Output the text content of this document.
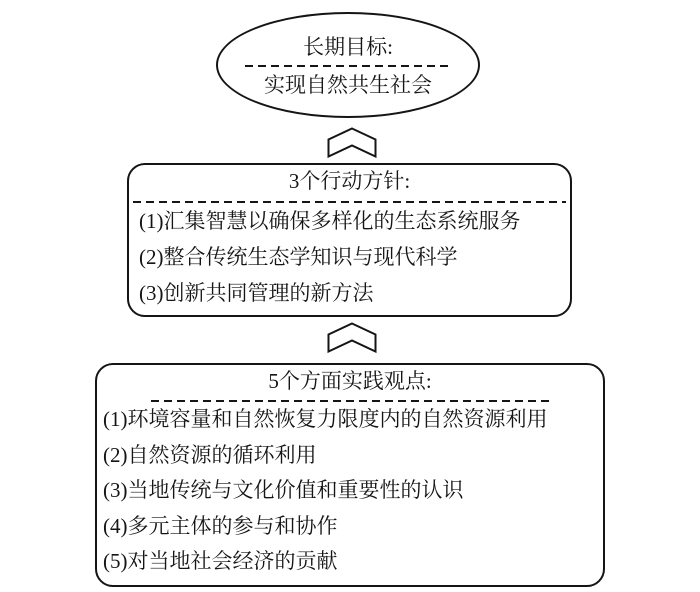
长期目标:
实现自然共生社会
3个行动方针:
(1)汇集智慧以确保多样化的生态系统服务
(2)整合传统生态学知识与现代科学
(3)创新共同管理的新方法
5个方面实践观点:
(1)环境容量和自然恢复力限度内的自然资源利用
(2)自然资源的循环利用
(3)当地传统与文化价值和重要性的认识
(4)多元主体的参与和协作
(5)对当地社会经济的贡献
